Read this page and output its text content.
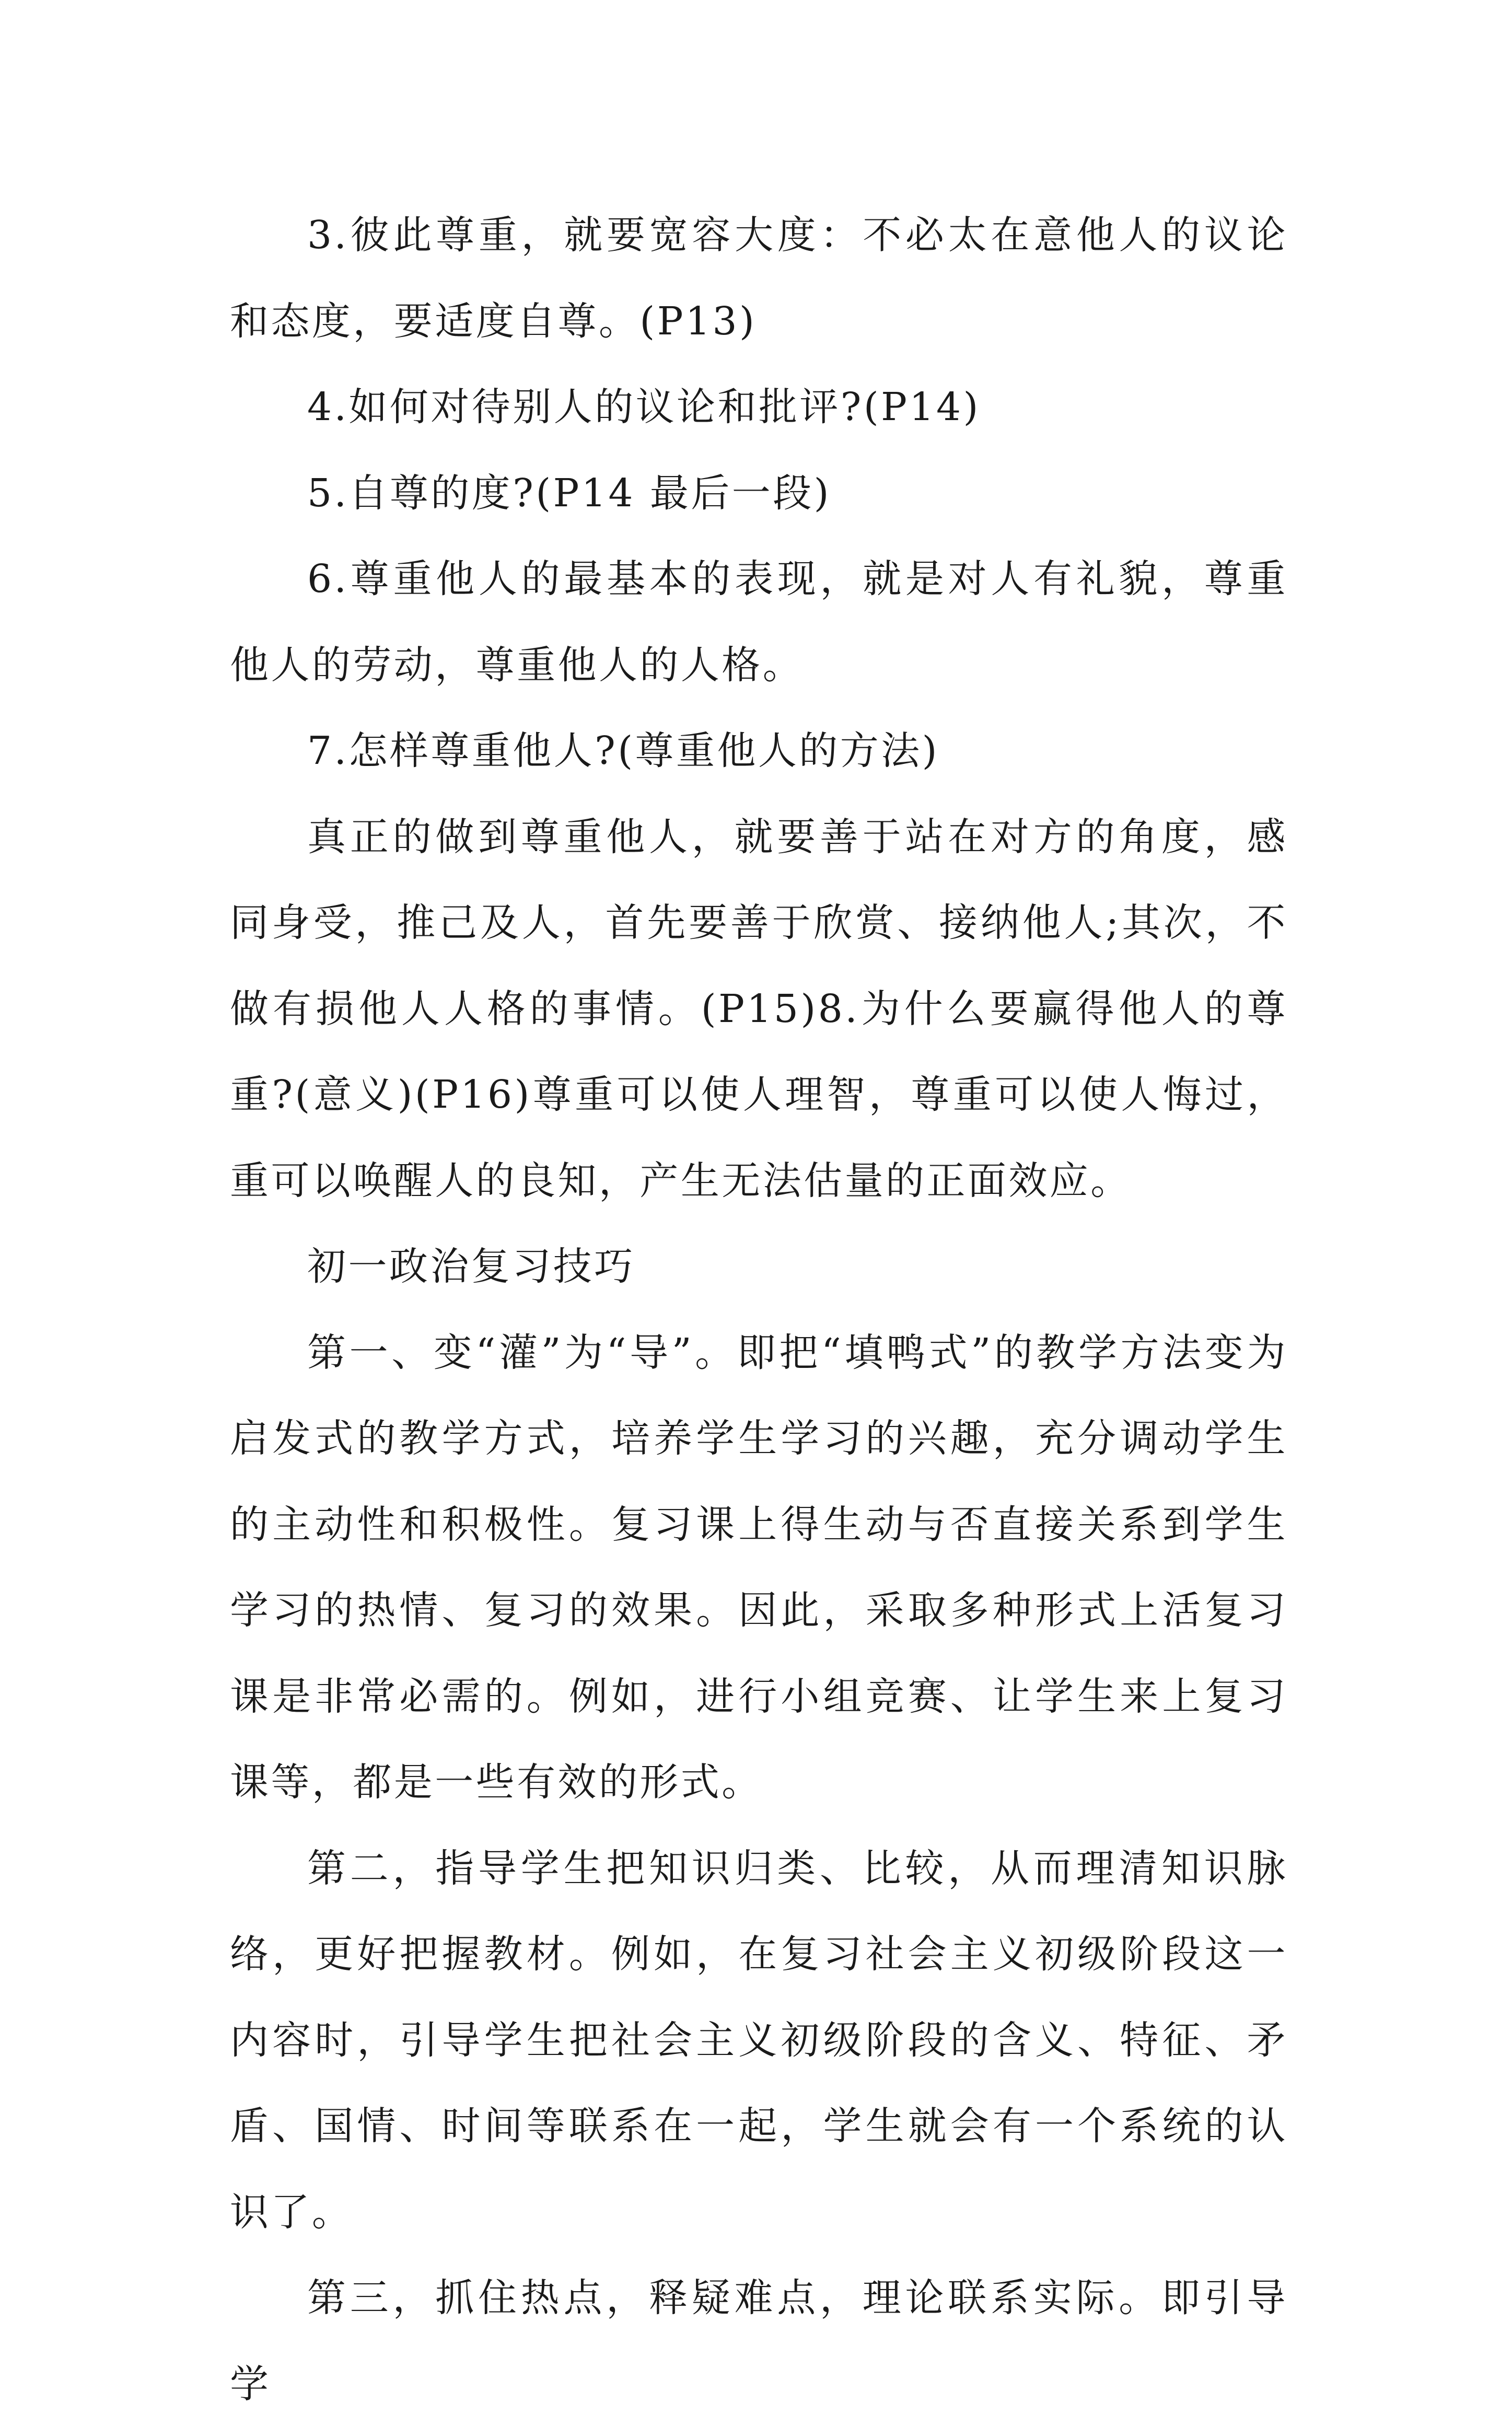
3.彼此尊重，就要宽容大度：不必太在意他人的议论和态度，要适度自尊。(P13)

4.如何对待别人的议论和批评?(P14)

5.自尊的度?(P14 最后一段)

6.尊重他人的最基本的表现，就是对人有礼貌，尊重他人的劳动，尊重他人的人格。

7.怎样尊重他人?(尊重他人的方法)

真正的做到尊重他人，就要善于站在对方的角度，感同身受，推己及人，首先要善于欣赏、接纳他人;其次，不做有损他人人格的事情。(P15)8.为什么要赢得他人的尊重?(意义)(P16)尊重可以使人理智，尊重可以使人悔过，重可以唤醒人的良知，产生无法估量的正面效应。

初一政治复习技巧

第一、变“灌”为“导”。即把“填鸭式”的教学方法变为启发式的教学方式，培养学生学习的兴趣，充分调动学生的主动性和积极性。复习课上得生动与否直接关系到学生学习的热情、复习的效果。因此，采取多种形式上活复习课是非常必需的。例如，进行小组竞赛、让学生来上复习课等，都是一些有效的形式。

第二，指导学生把知识归类、比较，从而理清知识脉络，更好把握教材。例如，在复习社会主义初级阶段这一内容时，引导学生把社会主义初级阶段的含义、特征、矛盾、国情、时间等联系在一起，学生就会有一个系统的认识了。

第三，抓住热点，释疑难点，理论联系实际。即引导学
